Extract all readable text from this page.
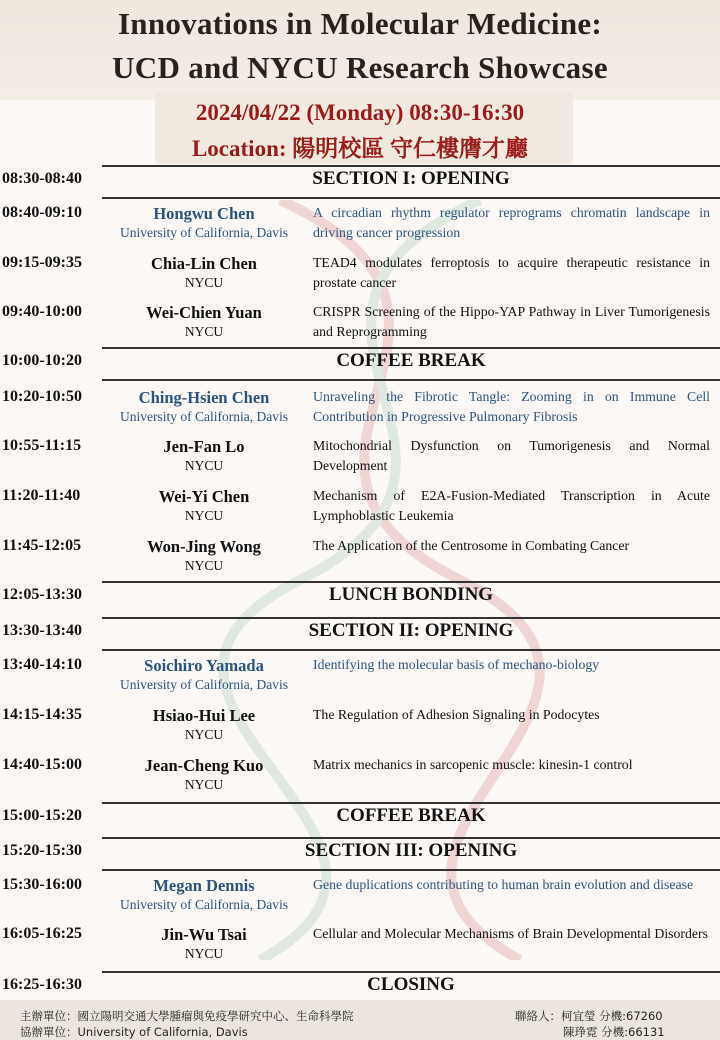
Innovations in Molecular Medicine:
UCD and NYCU Research Showcase
2024/04/22 (Monday) 08:30-16:30
Location: 陽明校區 守仁樓膺才廳
08:30-08:40	SECTION I: OPENING
08:40-09:10	Hongwu Chen
University of California, Davis
A circadian rhythm regulator reprograms chromatin landscape in driving cancer progression
09:15-09:35	Chia-Lin Chen
NYCU
TEAD4 modulates ferroptosis to acquire therapeutic resistance in prostate cancer
09:40-10:00	Wei-Chien Yuan
NYCU
CRISPR Screening of the Hippo-YAP Pathway in Liver Tumorigenesis and Reprogramming
10:00-10:20	COFFEE BREAK
10:20-10:50	Ching-Hsien Chen
University of California, Davis
Unraveling the Fibrotic Tangle: Zooming in on Immune Cell Contribution in Progressive Pulmonary Fibrosis
10:55-11:15	Jen-Fan Lo
NYCU
Mitochondrial Dysfunction on Tumorigenesis and Normal Development
11:20-11:40	Wei-Yi Chen
NYCU
Mechanism of E2A-Fusion-Mediated Transcription in Acute Lymphoblastic Leukemia
11:45-12:05	Won-Jing Wong
NYCU
The Application of the Centrosome in Combating Cancer
12:05-13:30	LUNCH BONDING
13:30-13:40	SECTION II: OPENING
13:40-14:10	Soichiro Yamada
University of California, Davis
Identifying the molecular basis of mechano-biology
14:15-14:35	Hsiao-Hui Lee
NYCU
The Regulation of Adhesion Signaling in Podocytes
14:40-15:00	Jean-Cheng Kuo
NYCU
Matrix mechanics in sarcopenic muscle: kinesin-1 control
15:00-15:20	COFFEE BREAK
15:20-15:30	SECTION III: OPENING
15:30-16:00	Megan Dennis
University of California, Davis
Gene duplications contributing to human brain evolution and disease
16:05-16:25	Jin-Wu Tsai
NYCU
Cellular and Molecular Mechanisms of Brain Developmental Disorders
16:25-16:30	CLOSING
主辦單位：國立陽明交通大學腫瘤與免疫學研究中心、生命科學院
協辦單位：University of California, Davis
聯絡人：柯宜瑩 分機:67260
陳琤霓 分機:66131
